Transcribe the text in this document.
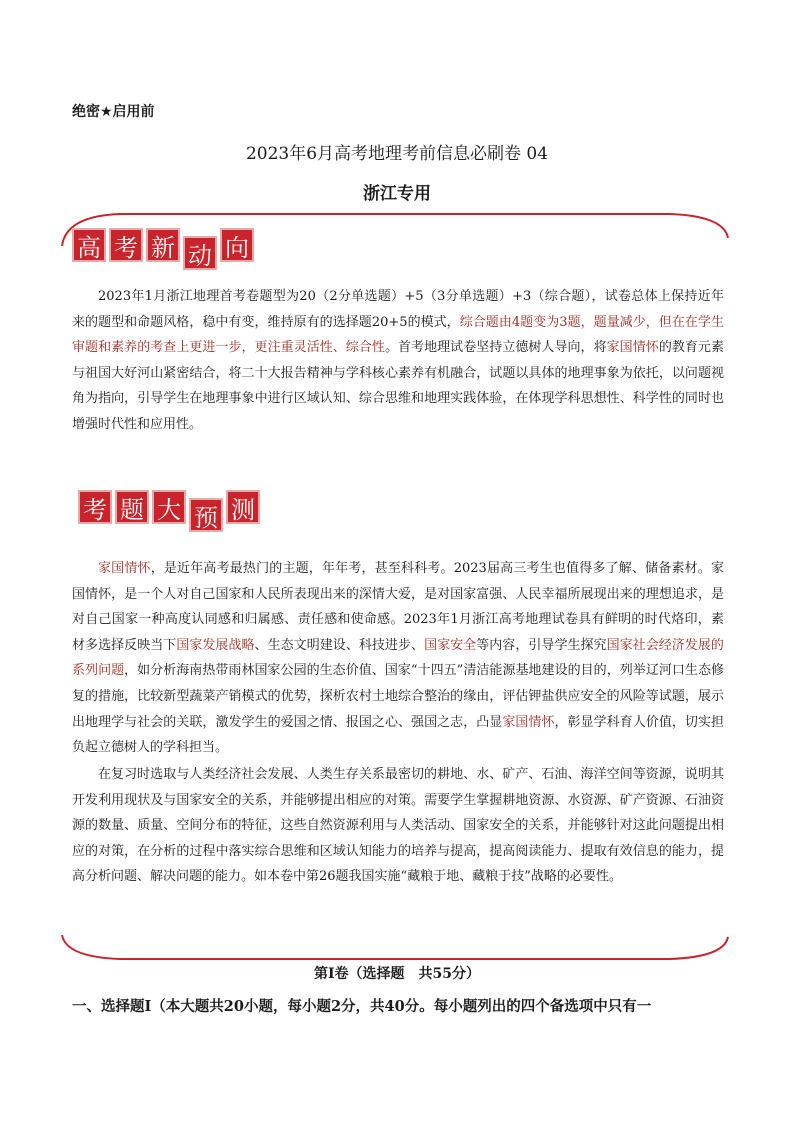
绝密★启用前
2023年6月高考地理考前信息必刷卷 04
浙江专用
高 考 新 动 向

2023年1月浙江地理首考卷题型为20（2分单选题）+5（3分单选题）+3（综合题），试卷总体上保持近年来的题型和命题风格，稳中有变，维持原有的选择题20+5的模式，综合题由4题变为3题，题量减少，但在在学生审题和素养的考查上更进一步，更注重灵活性、综合性。首考地理试卷坚持立德树人导向，将家国情怀的教育元素与祖国大好河山紧密结合，将二十大报告精神与学科核心素养有机融合，试题以具体的地理事象为依托，以问题视角为指向，引导学生在地理事象中进行区域认知、综合思维和地理实践体验，在体现学科思想性、科学性的同时也增强时代性和应用性。

考 题 大 预 测

家国情怀，是近年高考最热门的主题，年年考，甚至科科考。2023届高三考生也值得多了解、储备素材。家国情怀，是一个人对自己国家和人民所表现出来的深情大爱，是对国家富强、人民幸福所展现出来的理想追求，是对自己国家一种高度认同感和归属感、责任感和使命感。2023年1月浙江高考地理试卷具有鲜明的时代烙印，素材多选择反映当下国家发展战略、生态文明建设、科技进步、国家安全等内容，引导学生探究国家社会经济发展的系列问题，如分析海南热带雨林国家公园的生态价值、国家“十四五”清洁能源基地建设的目的，列举辽河口生态修复的措施，比较新型蔬菜产销模式的优势，探析农村土地综合整治的缘由，评估钾盐供应安全的风险等试题，展示出地理学与社会的关联，激发学生的爱国之情、报国之心、强国之志，凸显家国情怀，彰显学科育人价值，切实担负起立德树人的学科担当。

在复习时选取与人类经济社会发展、人类生存关系最密切的耕地、水、矿产、石油、海洋空间等资源，说明其开发利用现状及与国家安全的关系，并能够提出相应的对策。需要学生掌握耕地资源、水资源、矿产资源、石油资源的数量、质量、空间分布的特征，这些自然资源利用与人类活动、国家安全的关系，并能够针对这此问题提出相应的对策，在分析的过程中落实综合思维和区域认知能力的培养与提高，提高阅读能力、提取有效信息的能力，提高分析问题、解决问题的能力。如本卷中第26题我国实施“藏粮于地、藏粮于技”战略的必要性。

第Ⅰ卷（选择题　共55分）
一、选择题Ⅰ（本大题共20小题，每小题2分，共40分。每小题列出的四个备选项中只有一
